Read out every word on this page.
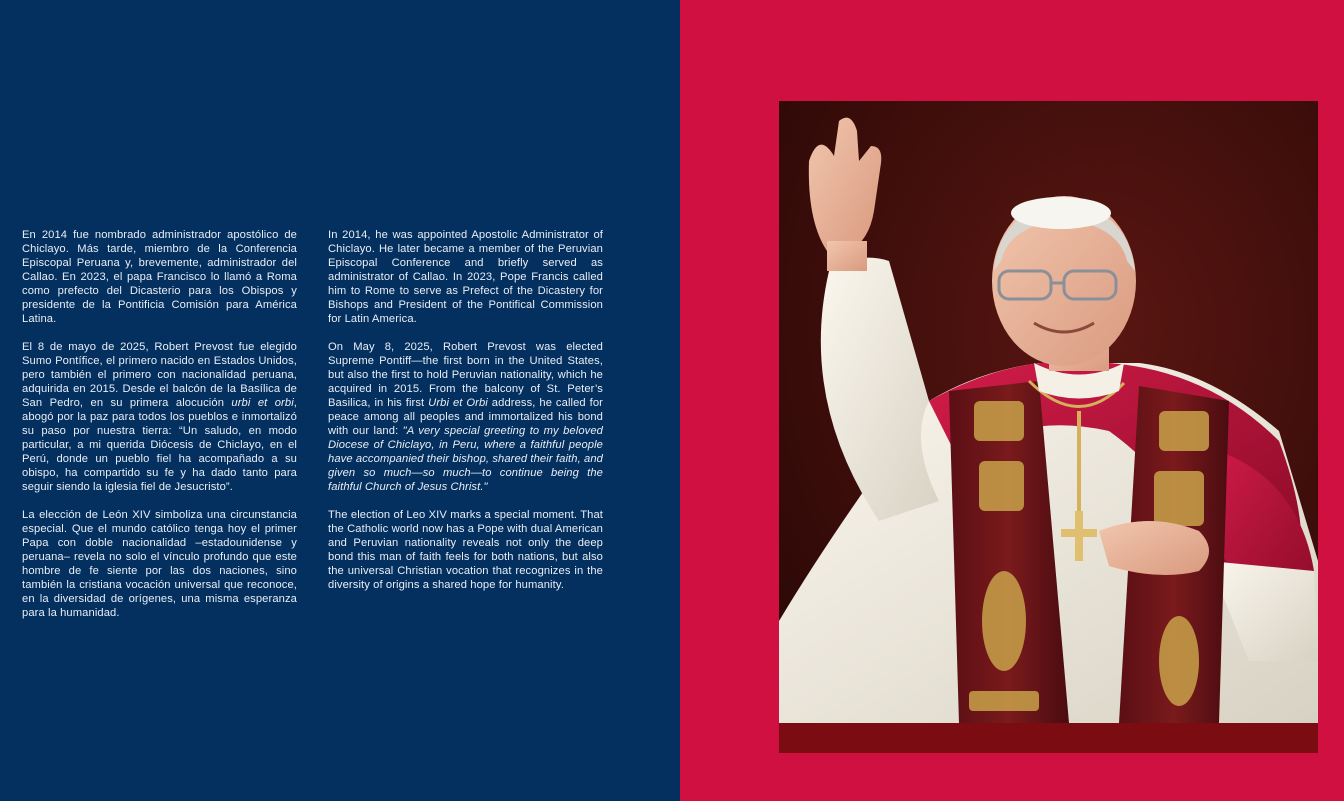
En 2014 fue nombrado administrador apostólico de Chiclayo. Más tarde, miembro de la Conferencia Episcopal Peruana y, brevemente, administrador del Callao. En 2023, el papa Francisco lo llamó a Roma como prefecto del Dicasterio para los Obispos y presidente de la Pontificia Comisión para América Latina.

El 8 de mayo de 2025, Robert Prevost fue elegido Sumo Pontífice, el primero nacido en Estados Unidos, pero también el primero con nacionalidad peruana, adquirida en 2015. Desde el balcón de la Basílica de San Pedro, en su primera alocución urbi et orbi, abogó por la paz para todos los pueblos e inmortalizó su paso por nuestra tierra: “Un saludo, en modo particular, a mi querida Diócesis de Chiclayo, en el Perú, donde un pueblo fiel ha acompañado a su obispo, ha compartido su fe y ha dado tanto para seguir siendo la iglesia fiel de Jesucristo”.

La elección de León XIV simboliza una circunstancia especial. Que el mundo católico tenga hoy el primer Papa con doble nacionalidad –estadounidense y peruana– revela no solo el vínculo profundo que este hombre de fe siente por las dos naciones, sino también la cristiana vocación universal que reconoce, en la diversidad de orígenes, una misma esperanza para la humanidad.

In 2014, he was appointed Apostolic Administrator of Chiclayo. He later became a member of the Peruvian Episcopal Conference and briefly served as administrator of Callao. In 2023, Pope Francis called him to Rome to serve as Prefect of the Dicastery for Bishops and President of the Pontifical Commission for Latin America.

On May 8, 2025, Robert Prevost was elected Supreme Pontiff—the first born in the United States, but also the first to hold Peruvian nationality, which he acquired in 2015. From the balcony of St. Peter’s Basilica, in his first Urbi et Orbi address, he called for peace among all peoples and immortalized his bond with our land: "A very special greeting to my beloved Diocese of Chiclayo, in Peru, where a faithful people have accompanied their bishop, shared their faith, and given so much—so much—to continue being the faithful Church of Jesus Christ."

The election of Leo XIV marks a special moment. That the Catholic world now has a Pope with dual American and Peruvian nationality reveals not only the deep bond this man of faith feels for both nations, but also the universal Christian vocation that recognizes in the diversity of origins a shared hope for humanity.
